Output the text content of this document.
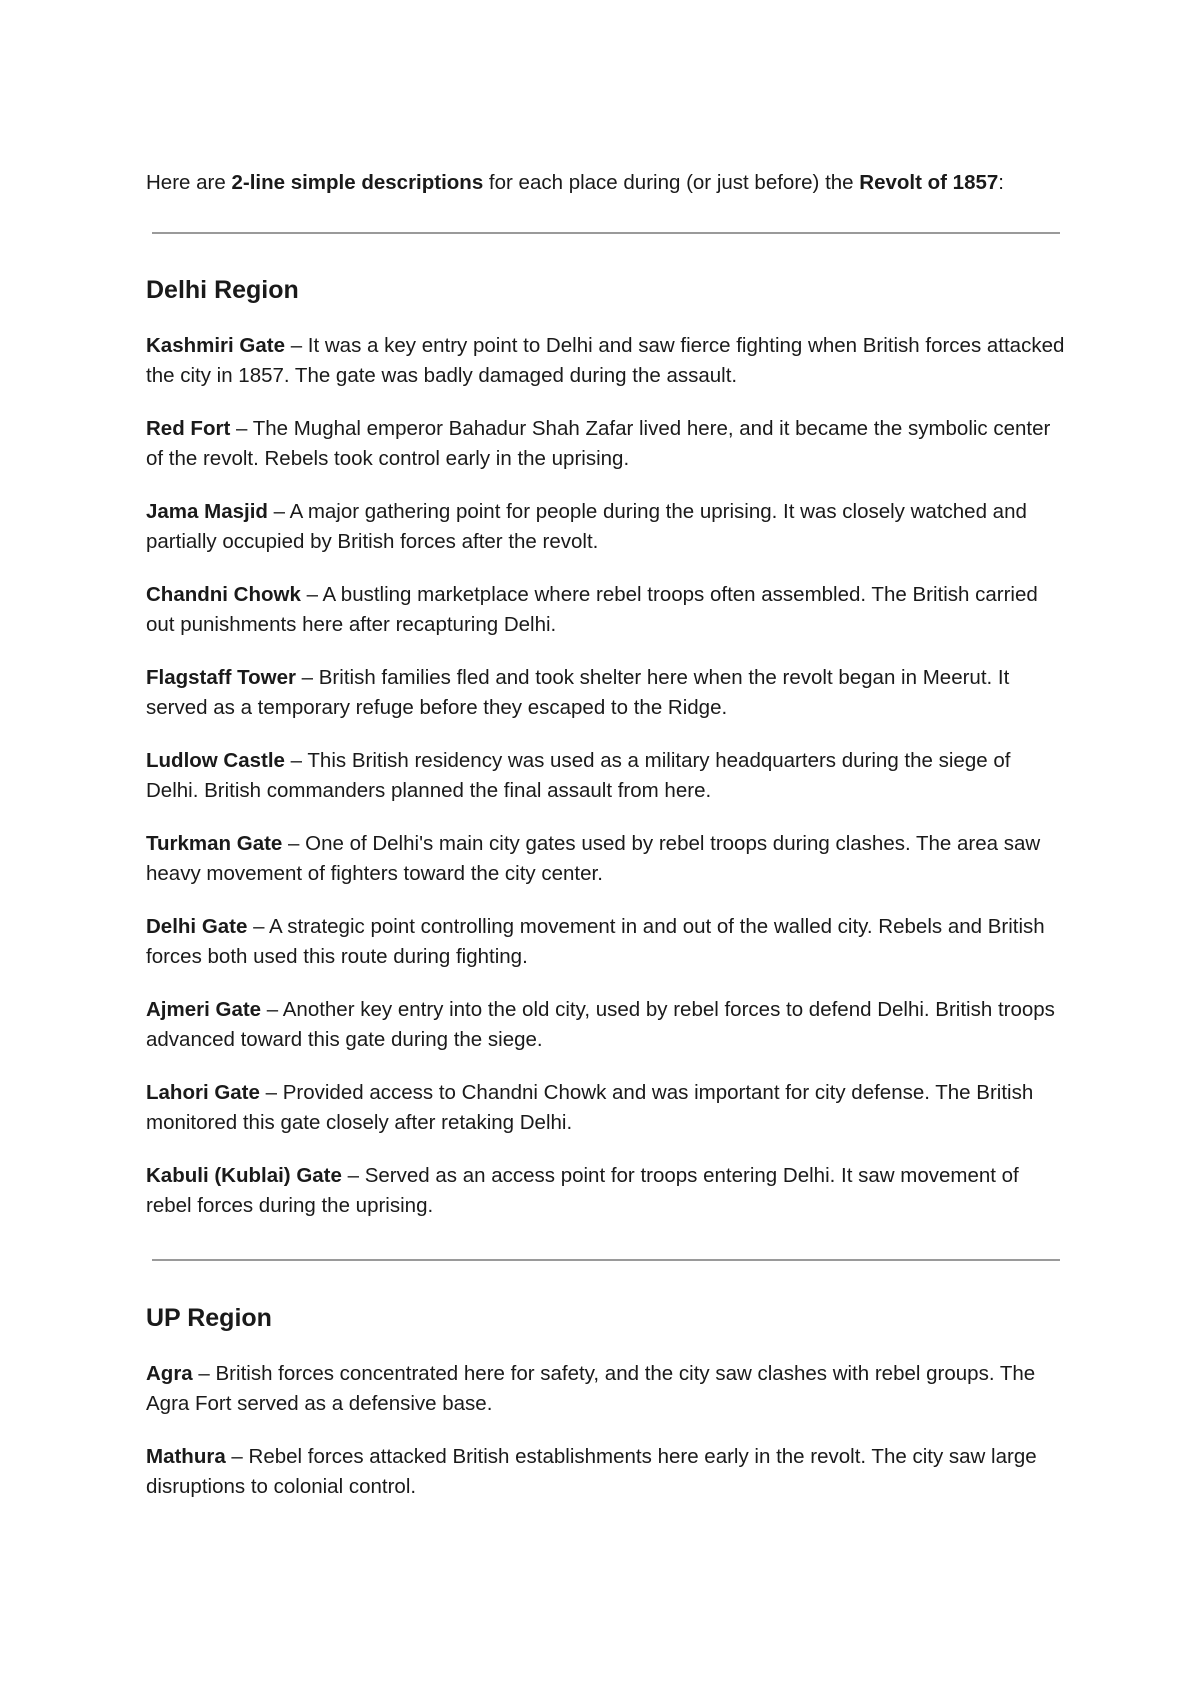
Here are 2-line simple descriptions for each place during (or just before) the Revolt of 1857:

Delhi Region

Kashmiri Gate – It was a key entry point to Delhi and saw fierce fighting when British forces attacked the city in 1857. The gate was badly damaged during the assault.

Red Fort – The Mughal emperor Bahadur Shah Zafar lived here, and it became the symbolic center of the revolt. Rebels took control early in the uprising.

Jama Masjid – A major gathering point for people during the uprising. It was closely watched and partially occupied by British forces after the revolt.

Chandni Chowk – A bustling marketplace where rebel troops often assembled. The British carried out punishments here after recapturing Delhi.

Flagstaff Tower – British families fled and took shelter here when the revolt began in Meerut. It served as a temporary refuge before they escaped to the Ridge.

Ludlow Castle – This British residency was used as a military headquarters during the siege of Delhi. British commanders planned the final assault from here.

Turkman Gate – One of Delhi's main city gates used by rebel troops during clashes. The area saw heavy movement of fighters toward the city center.

Delhi Gate – A strategic point controlling movement in and out of the walled city. Rebels and British forces both used this route during fighting.

Ajmeri Gate – Another key entry into the old city, used by rebel forces to defend Delhi. British troops advanced toward this gate during the siege.

Lahori Gate – Provided access to Chandni Chowk and was important for city defense. The British monitored this gate closely after retaking Delhi.

Kabuli (Kublai) Gate – Served as an access point for troops entering Delhi. It saw movement of rebel forces during the uprising.

UP Region

Agra – British forces concentrated here for safety, and the city saw clashes with rebel groups. The Agra Fort served as a defensive base.

Mathura – Rebel forces attacked British establishments here early in the revolt. The city saw large disruptions to colonial control.
